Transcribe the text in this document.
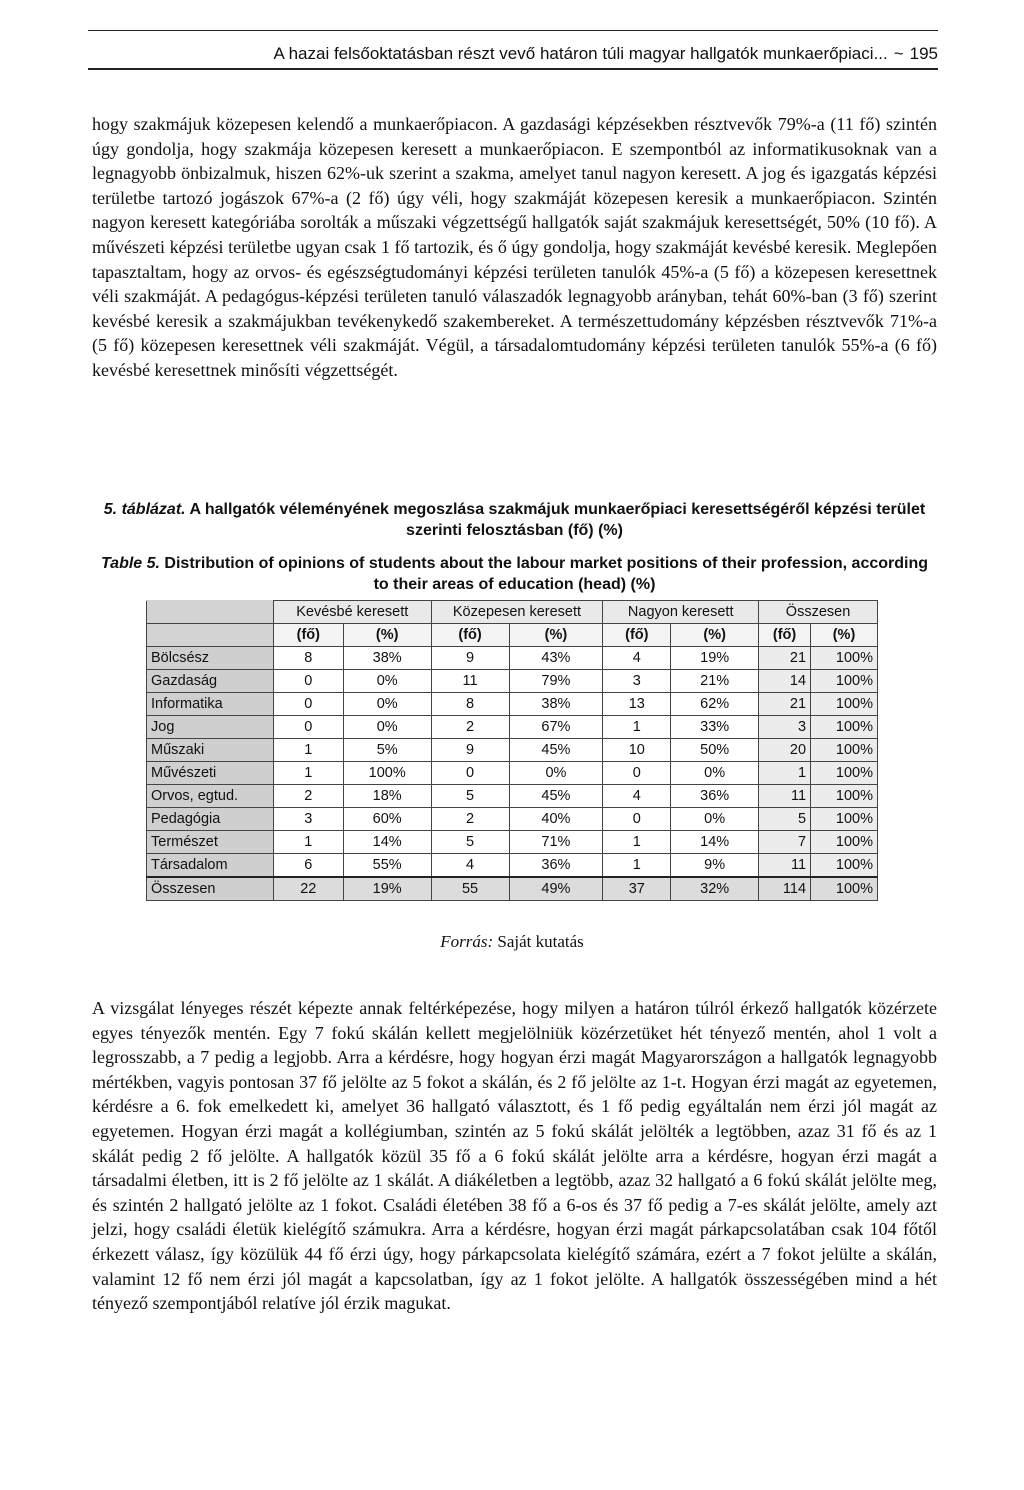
A hazai felsőoktatásban részt vevő határon túli magyar hallgatók munkaerőpiaci... ~ 195

hogy szakmájuk közepesen kelendő a munkaerőpiacon. A gazdasági képzésekben résztvevők 79%-a (11 fő) szintén úgy gondolja, hogy szakmája közepesen keresett a munkaerőpiacon. E szempontból az informatikusoknak van a legnagyobb önbizalmuk, hiszen 62%-uk szerint a szakma, amelyet tanul nagyon keresett. A jog és igazgatás képzési területbe tartozó jogászok 67%-a (2 fő) úgy véli, hogy szakmáját közepesen keresik a munkaerőpiacon. Szintén nagyon keresett kategóriába sorolták a műszaki végzettségű hallgatók saját szakmájuk keresettségét, 50% (10 fő). A művészeti képzési területbe ugyan csak 1 fő tartozik, és ő úgy gondolja, hogy szakmáját kevésbé keresik. Meglepően tapasztaltam, hogy az orvos- és egészségtudományi képzési területen tanulók 45%-a (5 fő) a közepesen keresettnek véli szakmáját. A pedagógus-képzési területen tanuló válaszadók legnagyobb arányban, tehát 60%-ban (3 fő) szerint kevésbé keresik a szakmájukban tevékenykedő szakembereket. A természettudomány képzésben résztvevők 71%-a (5 fő) közepesen keresettnek véli szakmáját. Végül, a társadalomtudomány képzési területen tanulók 55%-a (6 fő) kevésbé keresettnek minősíti végzettségét.

5. táblázat. A hallgatók véleményének megoszlása szakmájuk munkaerőpiaci keresettségéről képzési terület szerinti felosztásban (fő) (%)

Table 5. Distribution of opinions of students about the labour market positions of their profession, according to their areas of education (head) (%)

	Kevésbé keresett		Közepesen keresett		Nagyon keresett		Összesen	
	(fő)	(%)	(fő)	(%)	(fő)	(%)	(fő)	(%)
Bölcsész	8	38%	9	43%	4	19%	21	100%
Gazdaság	0	0%	11	79%	3	21%	14	100%
Informatika	0	0%	8	38%	13	62%	21	100%
Jog	0	0%	2	67%	1	33%	3	100%
Műszaki	1	5%	9	45%	10	50%	20	100%
Művészeti	1	100%	0	0%	0	0%	1	100%
Orvos, egtud.	2	18%	5	45%	4	36%	11	100%
Pedagógia	3	60%	2	40%	0	0%	5	100%
Természet	1	14%	5	71%	1	14%	7	100%
Társadalom	6	55%	4	36%	1	9%	11	100%
Összesen	22	19%	55	49%	37	32%	114	100%
Forrás: Saját kutatás

A vizsgálat lényeges részét képezte annak feltérképezése, hogy milyen a határon túlról érkező hallgatók közérzete egyes tényezők mentén. Egy 7 fokú skálán kellett megjelölniük közérzetüket hét tényező mentén, ahol 1 volt a legrosszabb, a 7 pedig a legjobb. Arra a kérdésre, hogy hogyan érzi magát Magyarországon a hallgatók legnagyobb mértékben, vagyis pontosan 37 fő jelölte az 5 fokot a skálán, és 2 fő jelölte az 1-t. Hogyan érzi magát az egyetemen, kérdésre a 6. fok emelkedett ki, amelyet 36 hallgató választott, és 1 fő pedig egyáltalán nem érzi jól magát az egyetemen. Hogyan érzi magát a kollégiumban, szintén az 5 fokú skálát jelölték a legtöbben, azaz 31 fő és az 1 skálát pedig 2 fő jelölte. A hallgatók közül 35 fő a 6 fokú skálát jelölte arra a kérdésre, hogyan érzi magát a társadalmi életben, itt is 2 fő jelölte az 1 skálát. A diákéletben a legtöbb, azaz 32 hallgató a 6 fokú skálát jelölte meg, és szintén 2 hallgató jelölte az 1 fokot. Családi életében 38 fő a 6-os és 37 fő pedig a 7-es skálát jelölte, amely azt jelzi, hogy családi életük kielégítő számukra. Arra a kérdésre, hogyan érzi magát párkapcsolatában csak 104 főtől érkezett válasz, így közülük 44 fő érzi úgy, hogy párkapcsolata kielégítő számára, ezért a 7 fokot jelülte a skálán, valamint 12 fő nem érzi jól magát a kapcsolatban, így az 1 fokot jelölte. A hallgatók összességében mind a hét tényező szempontjából relatíve jól érzik magukat.
